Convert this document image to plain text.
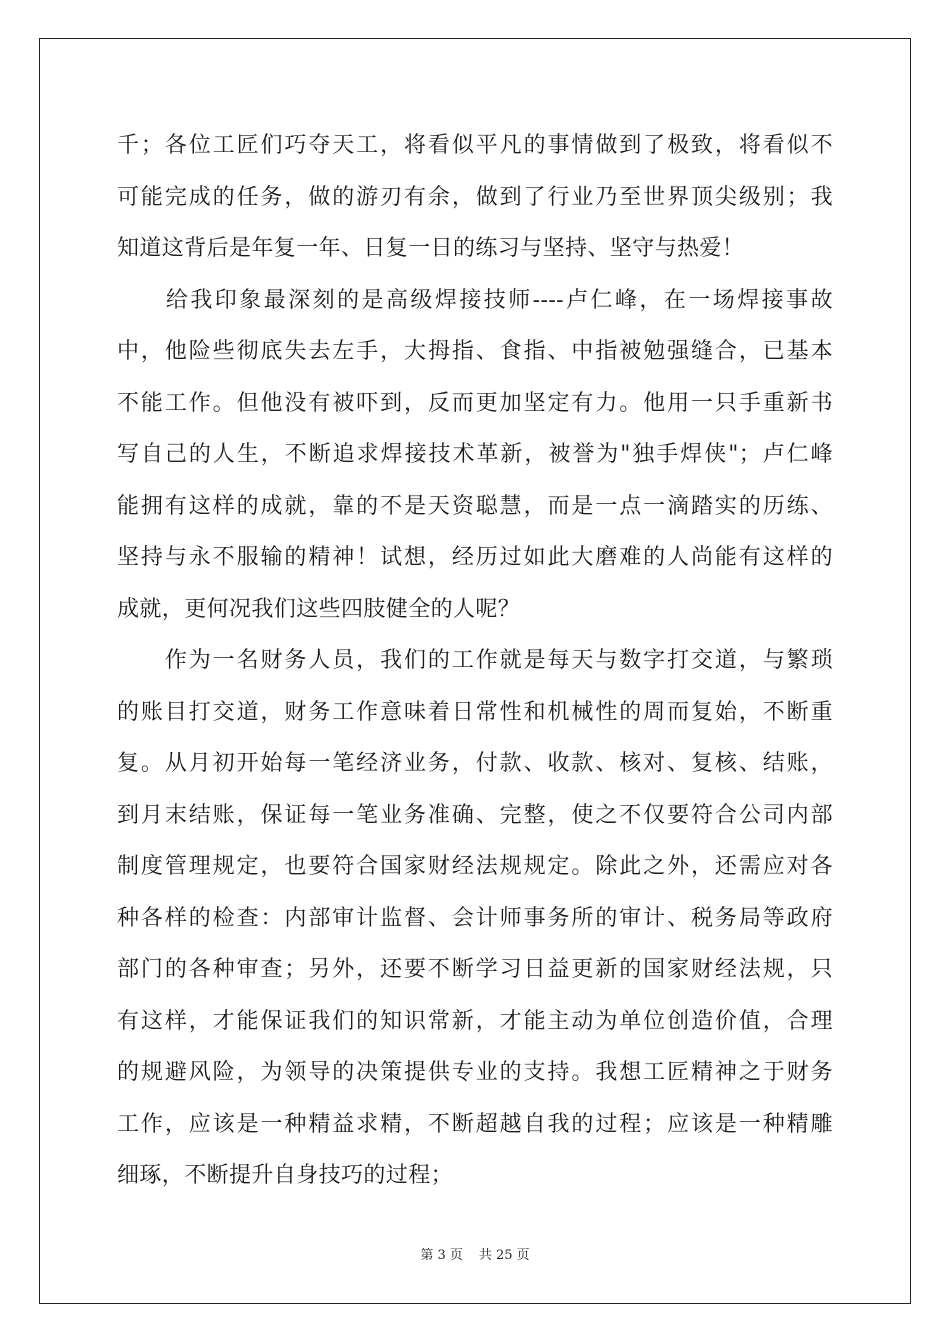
千；各位工匠们巧夺天工，将看似平凡的事情做到了极致，将看似不
可能完成的任务，做的游刃有余，做到了行业乃至世界顶尖级别；我
知道这背后是年复一年、日复一日的练习与坚持、坚守与热爱！
　　给我印象最深刻的是高级焊接技师----卢仁峰，在一场焊接事故
中，他险些彻底失去左手，大拇指、食指、中指被勉强缝合，已基本
不能工作。但他没有被吓到，反而更加坚定有力。他用一只手重新书
写自己的人生，不断追求焊接技术革新，被誉为"独手焊侠"；卢仁峰
能拥有这样的成就，靠的不是天资聪慧，而是一点一滴踏实的历练、
坚持与永不服输的精神！试想，经历过如此大磨难的人尚能有这样的
成就，更何况我们这些四肢健全的人呢？
　　作为一名财务人员，我们的工作就是每天与数字打交道，与繁琐
的账目打交道，财务工作意味着日常性和机械性的周而复始，不断重
复。从月初开始每一笔经济业务，付款、收款、核对、复核、结账，
到月末结账，保证每一笔业务准确、完整，使之不仅要符合公司内部
制度管理规定，也要符合国家财经法规规定。除此之外，还需应对各
种各样的检查：内部审计监督、会计师事务所的审计、税务局等政府
部门的各种审查；另外，还要不断学习日益更新的国家财经法规，只
有这样，才能保证我们的知识常新，才能主动为单位创造价值，合理
的规避风险，为领导的决策提供专业的支持。我想工匠精神之于财务
工作，应该是一种精益求精，不断超越自我的过程；应该是一种精雕
细琢，不断提升自身技巧的过程；
第 3 页 共 25 页
